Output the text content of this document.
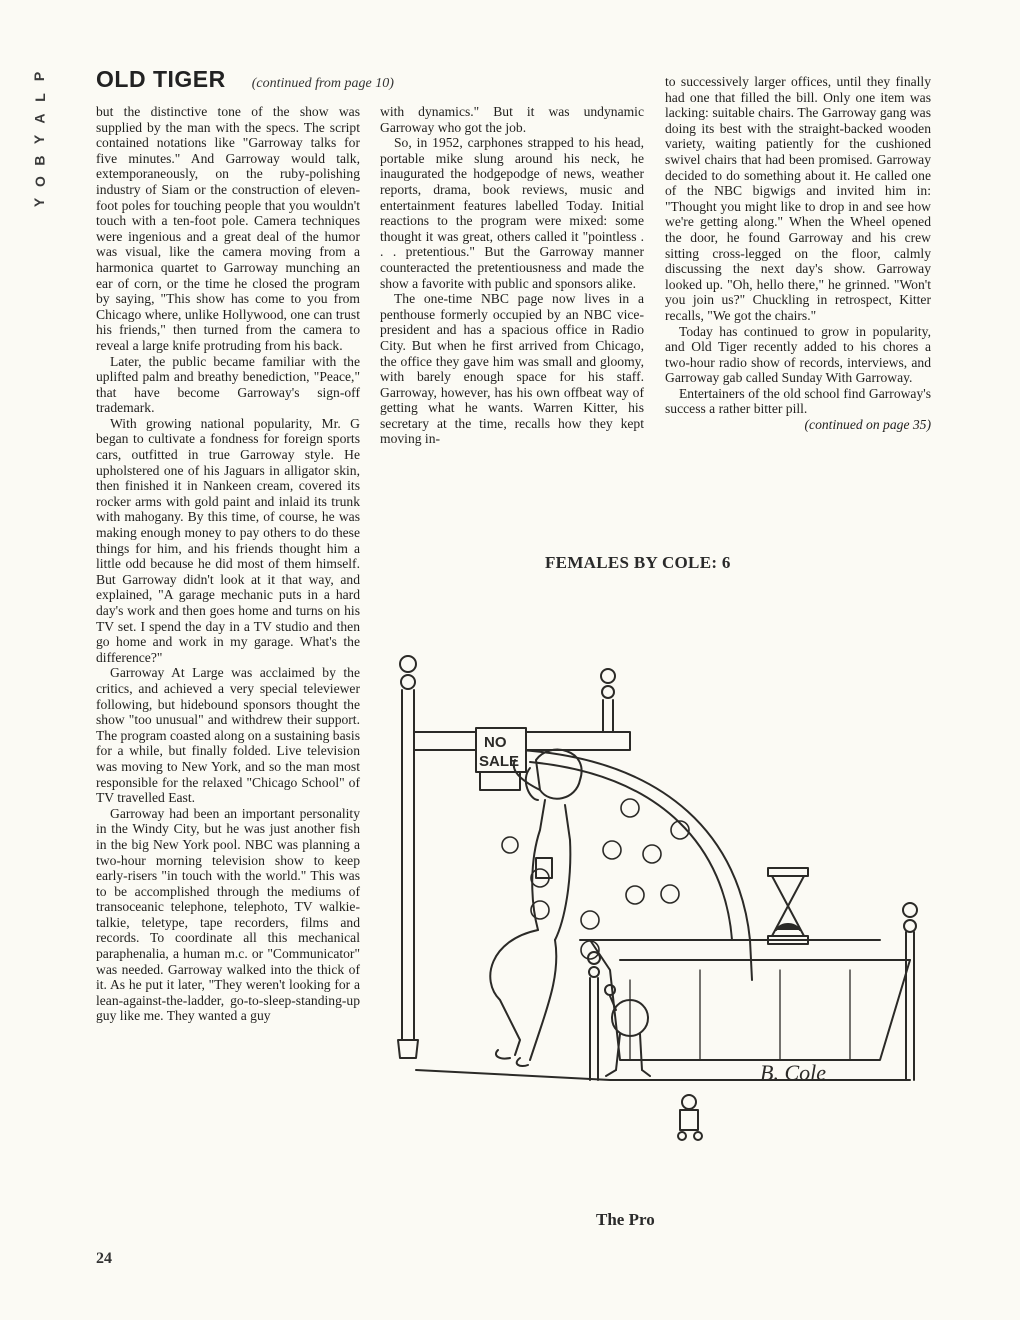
P
L
A
Y
B
O
Y
OLD TIGER (continued from page 10)

but the distinctive tone of the show was supplied by the man with the specs. The script contained notations like "Garroway talks for five minutes." And Garroway would talk, extemporaneously, on the ruby-polishing industry of Siam or the construction of eleven-foot poles for touching people that you wouldn't touch with a ten-foot pole. Camera techniques were ingenious and a great deal of the humor was visual, like the camera moving from a harmonica quartet to Garroway munching an ear of corn, or the time he closed the program by saying, "This show has come to you from Chicago where, unlike Hollywood, one can trust his friends," then turned from the camera to reveal a large knife protruding from his back.

Later, the public became familiar with the uplifted palm and breathy benediction, "Peace," that have become Garroway's sign-off trademark.

With growing national popularity, Mr. G began to cultivate a fondness for foreign sports cars, outfitted in true Garroway style. He upholstered one of his Jaguars in alligator skin, then finished it in Nankeen cream, covered its rocker arms with gold paint and inlaid its trunk with mahogany. By this time, of course, he was making enough money to pay others to do these things for him, and his friends thought him a little odd because he did most of them himself. But Garroway didn't look at it that way, and explained, "A garage mechanic puts in a hard day's work and then goes home and turns on his TV set. I spend the day in a TV studio and then go home and work in my garage. What's the difference?"

Garroway At Large was acclaimed by the critics, and achieved a very special televiewer following, but hidebound sponsors thought the show "too unusual" and withdrew their support. The program coasted along on a sustaining basis for a while, but finally folded. Live television was moving to New York, and so the man most responsible for the relaxed "Chicago School" of TV travelled East.

Garroway had been an important personality in the Windy City, but he was just another fish in the big New York pool. NBC was planning a two-hour morning television show to keep early-risers "in touch with the world." This was to be accomplished through the mediums of transoceanic telephone, telephoto, TV walkie-talkie, teletype, tape recorders, films and records. To coordinate all this mechanical paraphenalia, a human m.c. or "Communicator" was needed. Garroway walked into the thick of it. As he put it later, "They weren't looking for a lean-against-the-ladder, go-to-sleep-standing-up guy like me. They wanted a guy

with dynamics." But it was undynamic Garroway who got the job.

So, in 1952, carphones strapped to his head, portable mike slung around his neck, he inaugurated the hodgepodge of news, weather reports, drama, book reviews, music and entertainment features labelled Today. Initial reactions to the program were mixed: some thought it was great, others called it "pointless . . . pretentious." But the Garroway manner counteracted the pretentiousness and made the show a favorite with public and sponsors alike.

The one-time NBC page now lives in a penthouse formerly occupied by an NBC vice-president and has a spacious office in Radio City. But when he first arrived from Chicago, the office they gave him was small and gloomy, with barely enough space for his staff. Garroway, however, has his own offbeat way of getting what he wants. Warren Kitter, his secretary at the time, recalls how they kept moving in-

to successively larger offices, until they finally had one that filled the bill. Only one item was lacking: suitable chairs. The Garroway gang was doing its best with the straight-backed wooden variety, waiting patiently for the cushioned swivel chairs that had been promised. Garroway decided to do something about it. He called one of the NBC bigwigs and invited him in: "Thought you might like to drop in and see how we're getting along." When the Wheel opened the door, he found Garroway and his crew sitting cross-legged on the floor, calmly discussing the next day's show. Garroway looked up. "Oh, hello there," he grinned. "Won't you join us?" Chuckling in retrospect, Kitter recalls, "We got the chairs."

Today has continued to grow in popularity, and Old Tiger recently added to his chores a two-hour radio show of records, interviews, and Garroway gab called Sunday With Garroway.

Entertainers of the old school find Garroway's success a rather bitter pill.

(continued on page 35)

FEMALES BY COLE: 6
NO
SALE
B. Cole
The Pro
24
